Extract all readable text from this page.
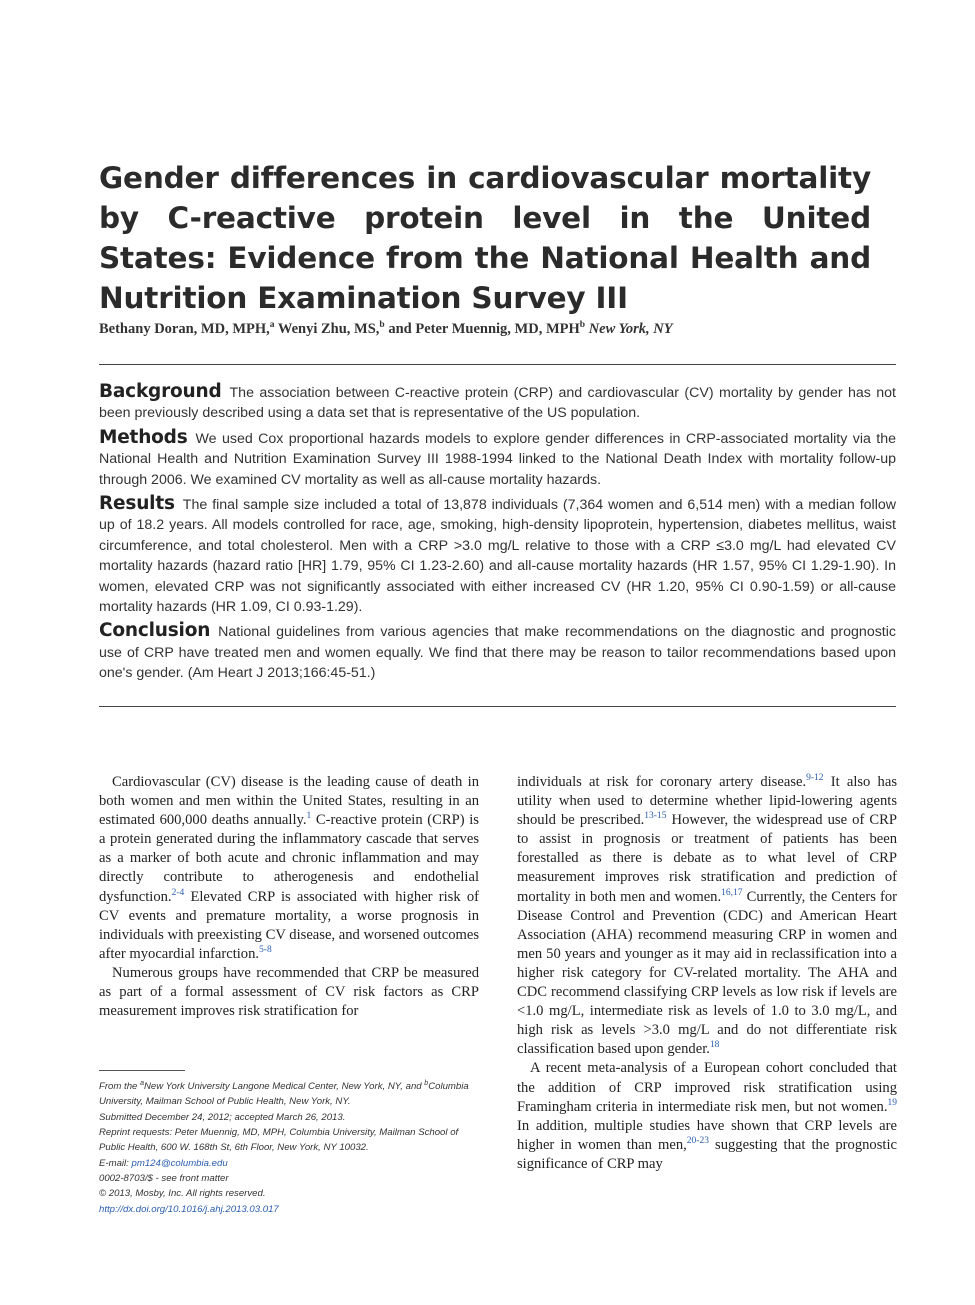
Gender differences in cardiovascular mortality by C-reactive protein level in the United States: Evidence from the National Health and Nutrition Examination Survey III
Bethany Doran, MD, MPH,$^a$ Wenyi Zhu, MS,$^b$ and Peter Muennig, MD, MPH$^b$ New York, NY

Background The association between C-reactive protein (CRP) and cardiovascular (CV) mortality by gender has not been previously described using a data set that is representative of the US population.

Methods We used Cox proportional hazards models to explore gender differences in CRP-associated mortality via the National Health and Nutrition Examination Survey III 1988-1994 linked to the National Death Index with mortality follow-up through 2006. We examined CV mortality as well as all-cause mortality hazards.

Results The final sample size included a total of 13,878 individuals (7,364 women and 6,514 men) with a median follow up of 18.2 years. All models controlled for race, age, smoking, high-density lipoprotein, hypertension, diabetes mellitus, waist circumference, and total cholesterol. Men with a CRP >3.0 mg/L relative to those with a CRP ≤3.0 mg/L had elevated CV mortality hazards (hazard ratio [HR] 1.79, 95% CI 1.23-2.60) and all-cause mortality hazards (HR 1.57, 95% CI 1.29-1.90). In women, elevated CRP was not significantly associated with either increased CV (HR 1.20, 95% CI 0.90-1.59) or all-cause mortality hazards (HR 1.09, CI 0.93-1.29).

Conclusion National guidelines from various agencies that make recommendations on the diagnostic and prognostic use of CRP have treated men and women equally. We find that there may be reason to tailor recommendations based upon one's gender. (Am Heart J 2013;166:45-51.)

Cardiovascular (CV) disease is the leading cause of death in both women and men within the United States, resulting in an estimated 600,000 deaths annually.$^1$ C-reactive protein (CRP) is a protein generated during the inflammatory cascade that serves as a marker of both acute and chronic inflammation and may directly contribute to atherogenesis and endothelial dysfunction.$^{2-4}$ Elevated CRP is associated with higher risk of CV events and premature mortality, a worse prognosis in individuals with preexisting CV disease, and worsened outcomes after myocardial infarction.$^{5-8}$

Numerous groups have recommended that CRP be measured as part of a formal assessment of CV risk factors as CRP measurement improves risk stratification for

individuals at risk for coronary artery disease.$^{9-12}$ It also has utility when used to determine whether lipid-lowering agents should be prescribed.$^{13-15}$ However, the widespread use of CRP to assist in prognosis or treatment of patients has been forestalled as there is debate as to what level of CRP measurement improves risk stratification and prediction of mortality in both men and women.$^{16,17}$ Currently, the Centers for Disease Control and Prevention (CDC) and American Heart Association (AHA) recommend measuring CRP in women and men 50 years and younger as it may aid in reclassification into a higher risk category for CV-related mortality. The AHA and CDC recommend classifying CRP levels as low risk if levels are <1.0 mg/L, intermediate risk as levels of 1.0 to 3.0 mg/L, and high risk as levels >3.0 mg/L and do not differentiate risk classification based upon gender.$^{18}$

A recent meta-analysis of a European cohort concluded that the addition of CRP improved risk stratification using Framingham criteria in intermediate risk men, but not women.$^{19}$ In addition, multiple studies have shown that CRP levels are higher in women than men,$^{20-23}$ suggesting that the prognostic significance of CRP may

From the $^a$New York University Langone Medical Center, New York, NY, and $^b$Columbia University, Mailman School of Public Health, New York, NY.
Submitted December 24, 2012; accepted March 26, 2013.
Reprint requests: Peter Muennig, MD, MPH, Columbia University, Mailman School of Public Health, 600 W. 168th St, 6th Floor, New York, NY 10032.
E-mail: pm124@columbia.edu
0002-8703/$ - see front matter
© 2013, Mosby, Inc. All rights reserved.
http://dx.doi.org/10.1016/j.ahj.2013.03.017
